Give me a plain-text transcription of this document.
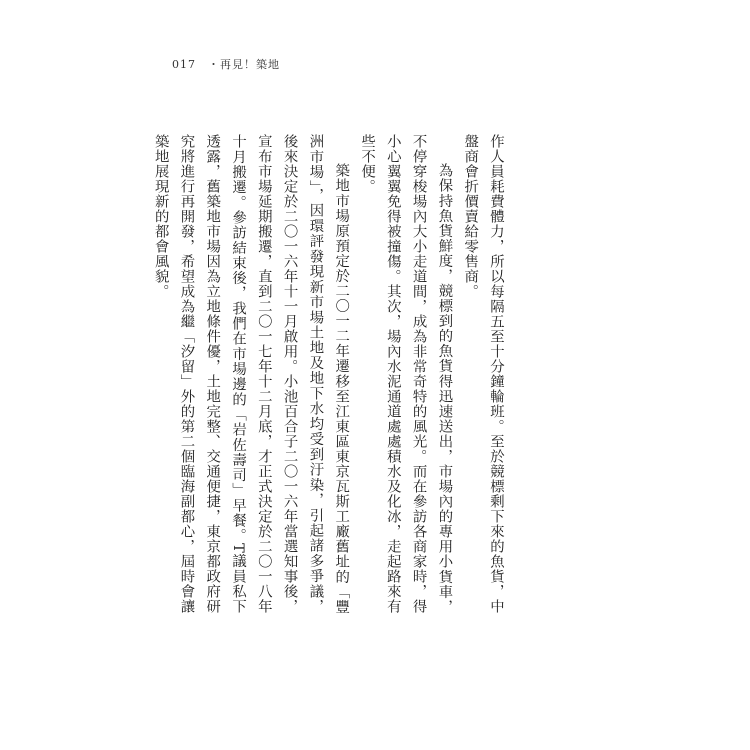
017 ・再見！築地

作人員耗費體力，所以每隔五至十分鐘輪班。至於競標剩下來的魚貨，中盤商會折價賣給零售商。

為保持魚貨鮮度，競標到的魚貨得迅速送出，市場內的專用小貨車，不停穿梭場內大小走道間，成為非常奇特的風光。而在參訪各商家時，得小心翼翼免得被撞傷。其次，場內水泥通道處處積水及化冰，走起路來有些不便。

築地市場原預定於二〇一二年遷移至江東區東京瓦斯工廠舊址的「豐洲市場」，因環評發現新市場土地及地下水均受到汙染，引起諸多爭議，後來決定於二〇一六年十一月啟用。小池百合子二〇一六年當選知事後，宣布市場延期搬遷，直到二〇一七年十二月底，才正式決定於二〇一八年十月搬遷。參訪結束後，我們在市場邊的「岩佐壽司」早餐。T議員私下透露，舊築地市場因為立地條件優，土地完整、交通便捷，東京都政府研究將進行再開發，希望成為繼「汐留」外的第二個臨海副都心，屆時會讓築地展現新的都會風貌。
